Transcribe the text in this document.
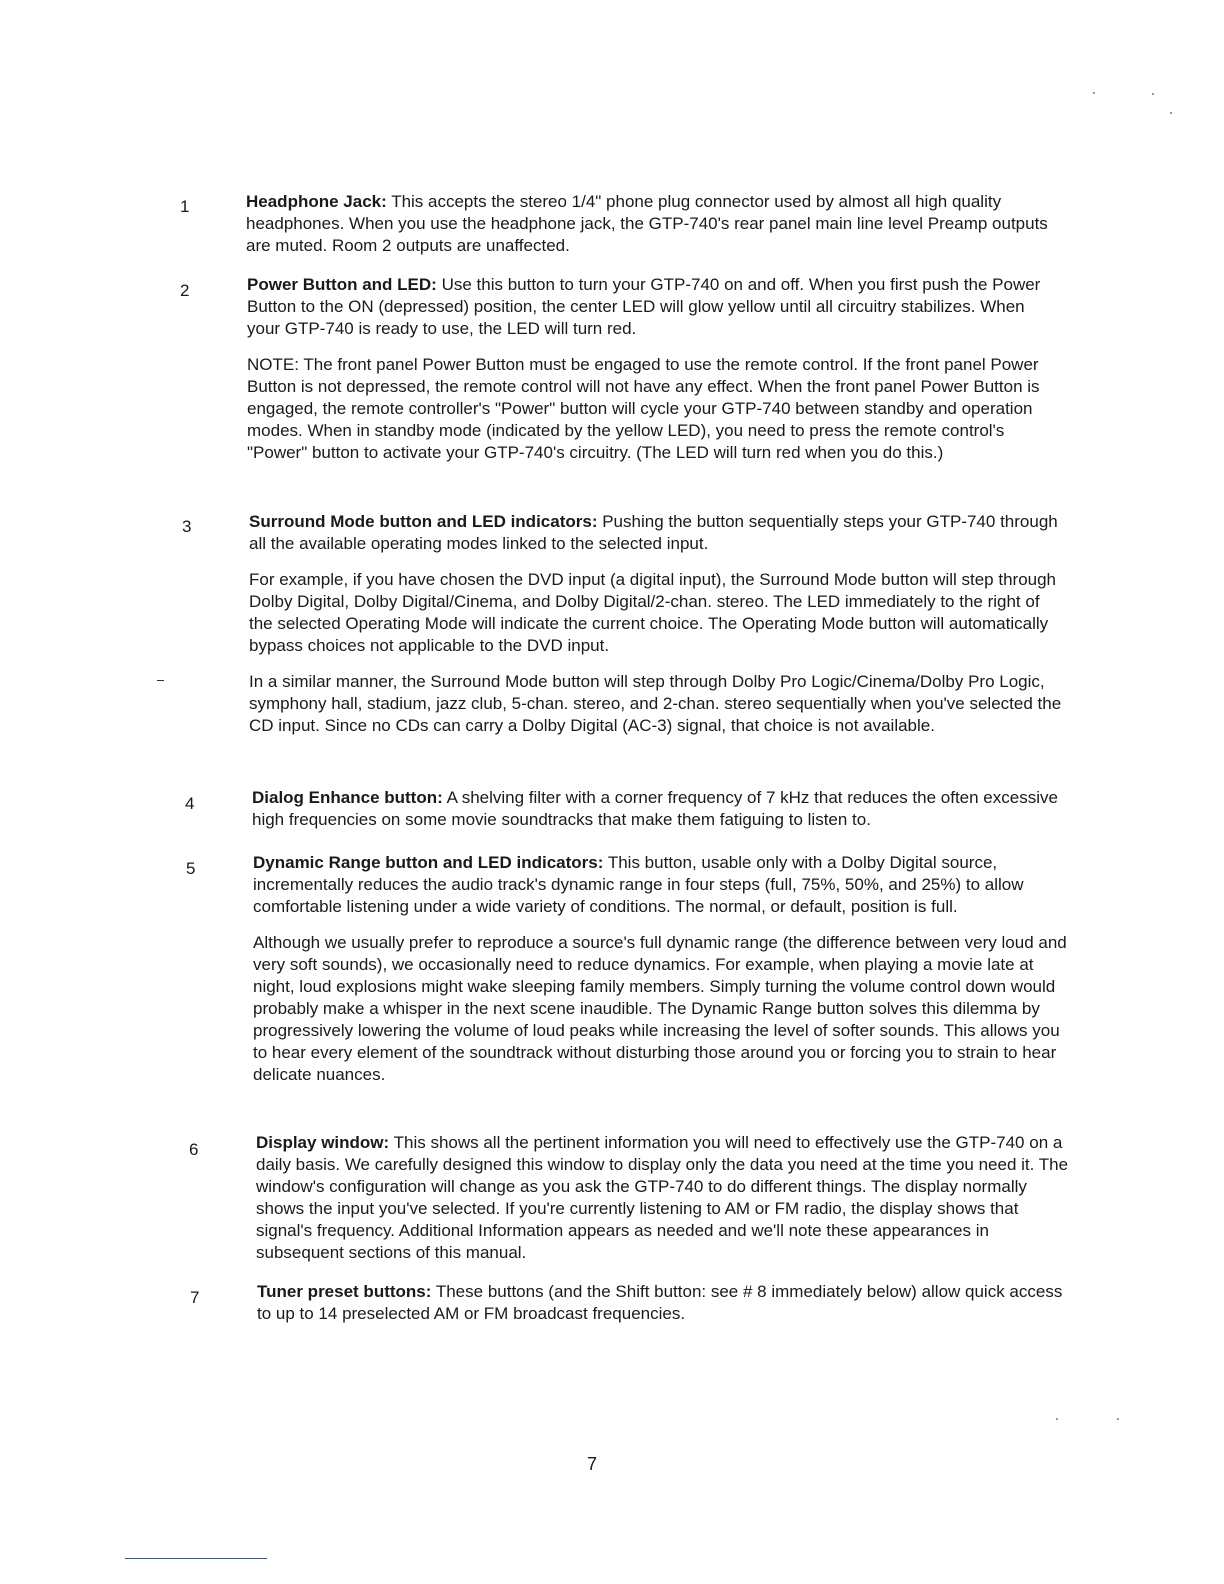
1	Headphone Jack: This accepts the stereo 1/4" phone plug connector used by almost all high quality headphones. When you use the headphone jack, the GTP-740's rear panel main line level Preamp outputs are muted. Room 2 outputs are unaffected.

2	Power Button and LED: Use this button to turn your GTP-740 on and off. When you first push the Power Button to the ON (depressed) position, the center LED will glow yellow until all circuitry stabilizes. When your GTP-740 is ready to use, the LED will turn red.

NOTE: The front panel Power Button must be engaged to use the remote control. If the front panel Power Button is not depressed, the remote control will not have any effect. When the front panel Power Button is engaged, the remote controller's "Power" button will cycle your GTP-740 between standby and operation modes. When in standby mode (indicated by the yellow LED), you need to press the remote control's "Power" button to activate your GTP-740's circuitry. (The LED will turn red when you do this.)

3	Surround Mode button and LED indicators: Pushing the button sequentially steps your GTP-740 through all the available operating modes linked to the selected input.

For example, if you have chosen the DVD input (a digital input), the Surround Mode button will step through Dolby Digital, Dolby Digital/Cinema, and Dolby Digital/2-chan. stereo. The LED immediately to the right of the selected Operating Mode will indicate the current choice. The Operating Mode button will automatically bypass choices not applicable to the DVD input.

In a similar manner, the Surround Mode button will step through Dolby Pro Logic/Cinema/Dolby Pro Logic, symphony hall, stadium, jazz club, 5-chan. stereo, and 2-chan. stereo sequentially when you've selected the CD input. Since no CDs can carry a Dolby Digital (AC-3) signal, that choice is not available.

4	Dialog Enhance button: A shelving filter with a corner frequency of 7 kHz that reduces the often excessive high frequencies on some movie soundtracks that make them fatiguing to listen to.

5	Dynamic Range button and LED indicators: This button, usable only with a Dolby Digital source, incrementally reduces the audio track's dynamic range in four steps (full, 75%, 50%, and 25%) to allow comfortable listening under a wide variety of conditions. The normal, or default, position is full.

Although we usually prefer to reproduce a source's full dynamic range (the difference between very loud and very soft sounds), we occasionally need to reduce dynamics. For example, when playing a movie late at night, loud explosions might wake sleeping family members. Simply turning the volume control down would probably make a whisper in the next scene inaudible. The Dynamic Range button solves this dilemma by progressively lowering the volume of loud peaks while increasing the level of softer sounds. This allows you to hear every element of the soundtrack without disturbing those around you or forcing you to strain to hear delicate nuances.

6	Display window: This shows all the pertinent information you will need to effectively use the GTP-740 on a daily basis. We carefully designed this window to display only the data you need at the time you need it. The window's configuration will change as you ask the GTP-740 to do different things. The display normally shows the input you've selected. If you're currently listening to AM or FM radio, the display shows that signal's frequency. Additional Information appears as needed and we'll note these appearances in subsequent sections of this manual.

7	Tuner preset buttons: These buttons (and the Shift button: see # 8 immediately below) allow quick access to up to 14 preselected AM or FM broadcast frequencies.

7
